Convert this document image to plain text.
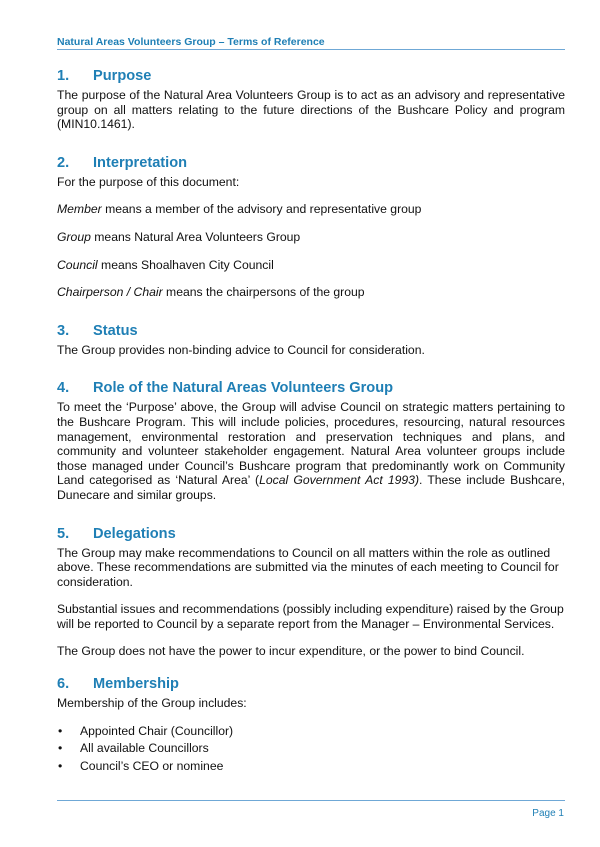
Natural Areas Volunteers Group – Terms of Reference
1.	Purpose

The purpose of the Natural Area Volunteers Group is to act as an advisory and representative group on all matters relating to the future directions of the Bushcare Policy and program (MIN10.1461).

2.	Interpretation

For the purpose of this document:

Member means a member of the advisory and representative group

Group means Natural Area Volunteers Group

Council means Shoalhaven City Council

Chairperson / Chair means the chairpersons of the group

3.	Status

The Group provides non-binding advice to Council for consideration.

4.	Role of the Natural Areas Volunteers Group

To meet the ‘Purpose’ above, the Group will advise Council on strategic matters pertaining to the Bushcare Program. This will include policies, procedures, resourcing, natural resources management, environmental restoration and preservation techniques and plans, and community and volunteer stakeholder engagement. Natural Area volunteer groups include those managed under Council’s Bushcare program that predominantly work on Community Land categorised as ‘Natural Area’ (Local Government Act 1993). These include Bushcare, Dunecare and similar groups.

5.	Delegations

The Group may make recommendations to Council on all matters within the role as outlined above. These recommendations are submitted via the minutes of each meeting to Council for consideration.

Substantial issues and recommendations (possibly including expenditure) raised by the Group will be reported to Council by a separate report from the Manager – Environmental Services.

The Group does not have the power to incur expenditure, or the power to bind Council.

6.	Membership

Membership of the Group includes:

•	Appointed Chair (Councillor)
•	All available Councillors
•	Council’s CEO or nominee
Page 1
